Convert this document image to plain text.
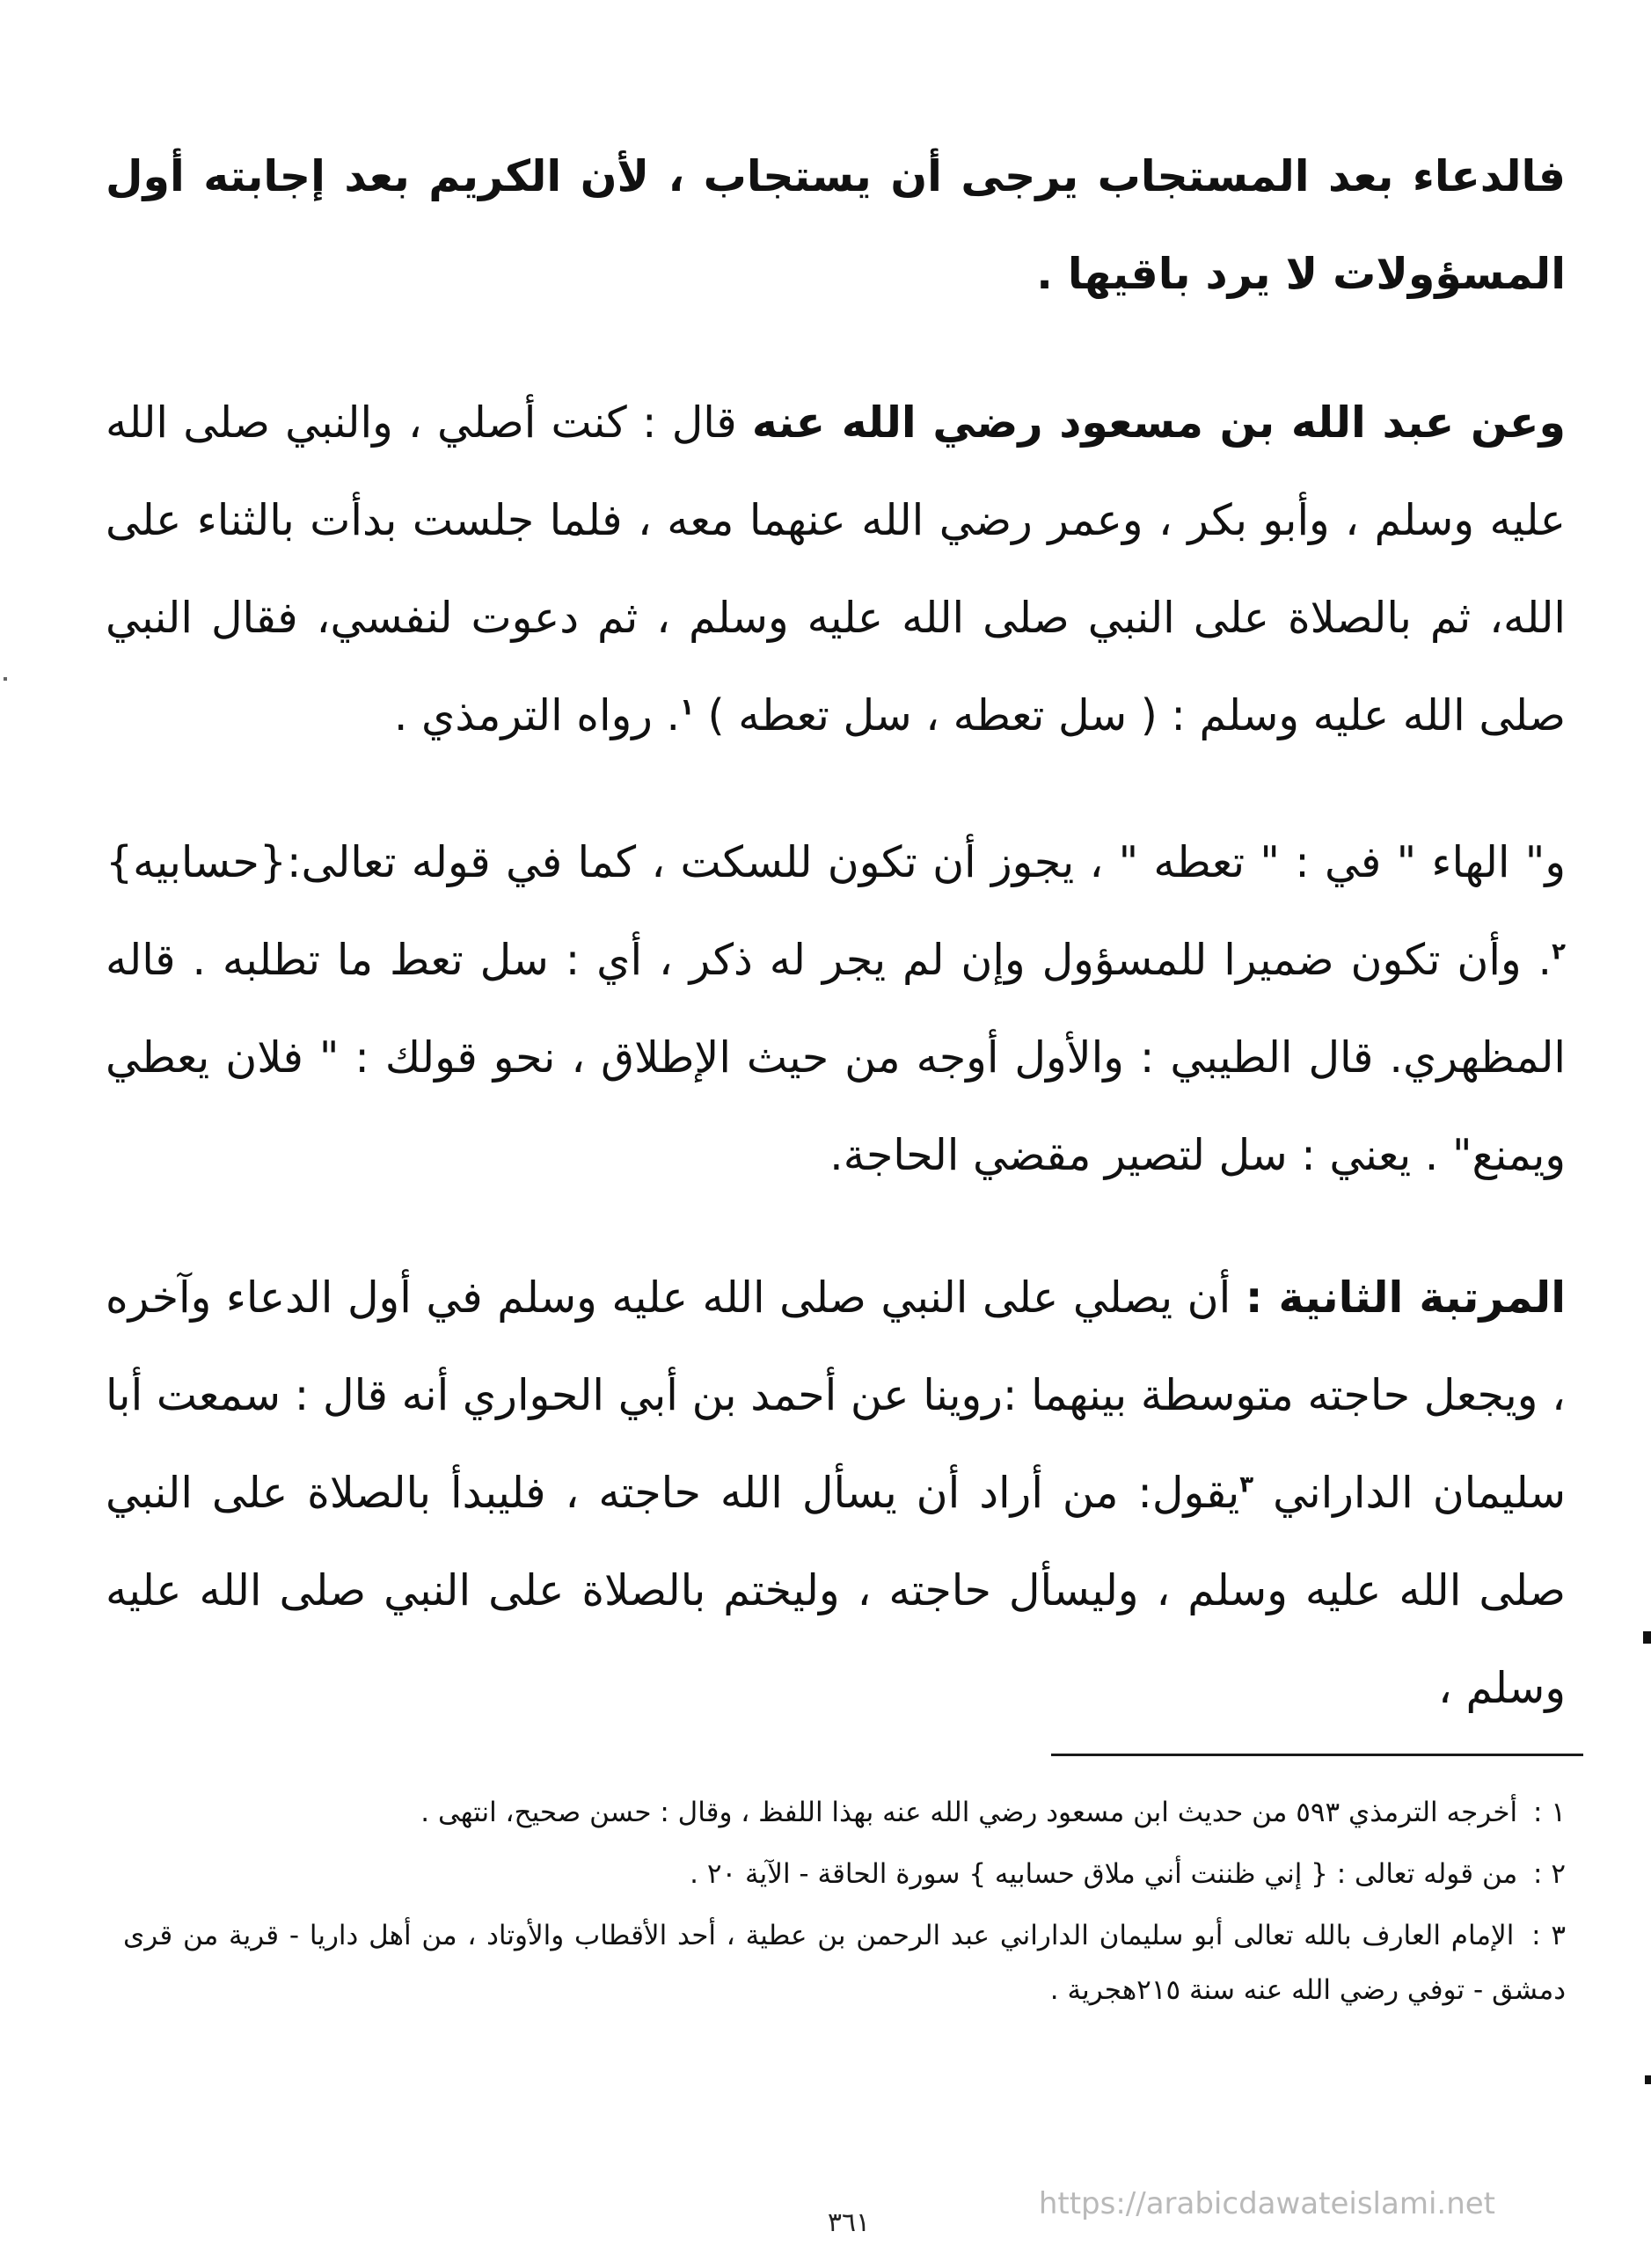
فالدعاء بعد المستجاب يرجى أن يستجاب ، لأن الكريم بعد إجابته أول المسؤولات لا يرد باقيها .

وعن عبد الله بن مسعود رضي الله عنه قال : كنت أصلي ، والنبي صلى الله عليه وسلم ، وأبو بكر ، وعمر رضي الله عنهما معه ، فلما جلست بدأت بالثناء على الله، ثم بالصلاة على النبي صلى الله عليه وسلم ، ثم دعوت لنفسي، فقال النبي صلى الله عليه وسلم : ( سل تعطه ، سل تعطه ) $^١$. رواه الترمذي .

و" الهاء " في : " تعطه " ، يجوز أن تكون للسكت ، كما في قوله تعالى:{حسابيه} $^٢$. وأن تكون ضميرا للمسؤول وإن لم يجر له ذكر ، أي : سل تعط ما تطلبه . قاله المظهري. قال الطيبي : والأول أوجه من حيث الإطلاق ، نحو قولك : " فلان يعطي ويمنع" . يعني : سل لتصير مقضي الحاجة.

المرتبة الثانية : أن يصلي على النبي صلى الله عليه وسلم في أول الدعاء وآخره ، ويجعل حاجته متوسطة بينهما :روينا عن أحمد بن أبي الحواري أنه قال : سمعت أبا سليمان الداراني $^٣$يقول: من أراد أن يسأل الله حاجته ، فليبدأ بالصلاة على النبي صلى الله عليه وسلم ، وليسأل حاجته ، وليختم بالصلاة على النبي صلى الله عليه وسلم ،

١ : أخرجه الترمذي ٥٩٣ من حديث ابن مسعود رضي الله عنه بهذا اللفظ ، وقال : حسن صحيح، انتهى .

٢ : من قوله تعالى : { إني ظننت أني ملاق حسابيه } سورة الحاقة - الآية ٢٠ .

٣ : الإمام العارف بالله تعالى أبو سليمان الداراني عبد الرحمن بن عطية ، أحد الأقطاب والأوتاد ، من أهل داريا - قرية من قرى دمشق - توفي رضي الله عنه سنة ٢١٥هجرية .

٣٦١
https://arabicdawateislami.net
